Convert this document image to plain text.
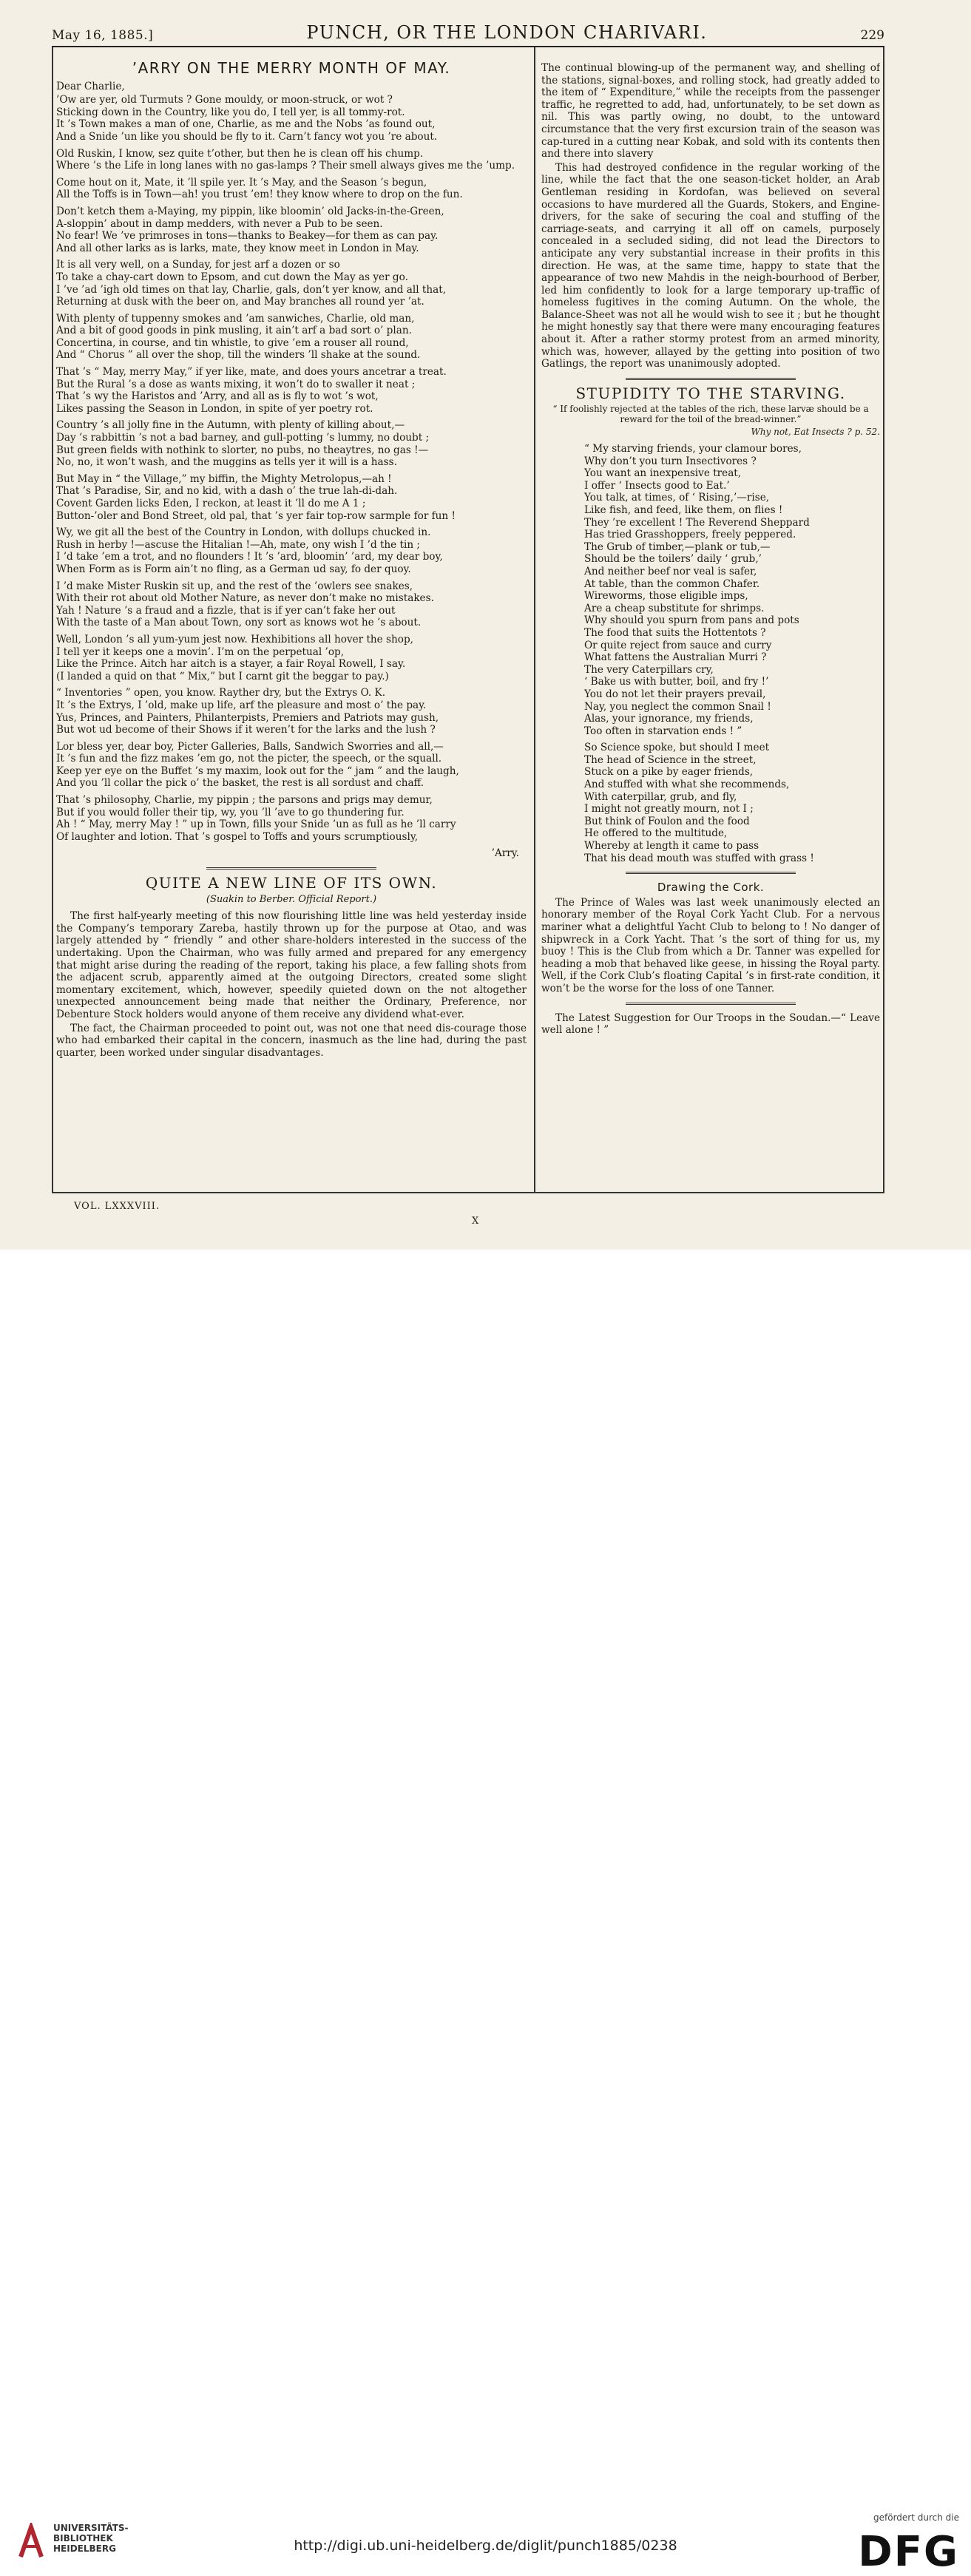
May 16, 1885.]	PUNCH, OR THE LONDON CHARIVARI.	229
’ARRY ON THE MERRY MONTH OF MAY.
Dear Charlie,
’Ow are yer, old Turmuts ? Gone mouldy, or moon-struck, or wot ?
Sticking down in the Country, like you do, I tell yer, is all tommy-rot.
It ’s Town makes a man of one, Charlie, as me and the Nobs ’as found out,
And a Snide ’un like you should be fly to it. Carn’t fancy wot you ’re about.
Old Ruskin, I know, sez quite t’other, but then he is clean off his chump.
Where ’s the Life in long lanes with no gas-lamps ? Their smell always gives me the ’ump.
Come hout on it, Mate, it ’ll spile yer. It ’s May, and the Season ’s begun,
All the Toffs is in Town—ah! you trust ’em! they know where to drop on the fun.
Don’t ketch them a-Maying, my pippin, like bloomin’ old Jacks-in-the-Green,
A-sloppin’ about in damp medders, with never a Pub to be seen.
No fear! We ’ve primroses in tons—thanks to Beakey—for them as can pay.
And all other larks as is larks, mate, they know meet in London in May.
It is all very well, on a Sunday, for jest arf a dozen or so
To take a chay-cart down to Epsom, and cut down the May as yer go.
I ’ve ’ad ’igh old times on that lay, Charlie, gals, don’t yer know, and all that,
Returning at dusk with the beer on, and May branches all round yer ’at.
With plenty of tuppenny smokes and ’am sanwiches, Charlie, old man,
And a bit of good goods in pink musling, it ain’t arf a bad sort o’ plan.
Concertina, in course, and tin whistle, to give ’em a rouser all round,
And “ Chorus ” all over the shop, till the winders ’ll shake at the sound.
That ’s “ May, merry May,” if yer like, mate, and does yours ancetrar a treat.
But the Rural ’s a dose as wants mixing, it won’t do to swaller it neat ;
That ’s wy the Haristos and ’Arry, and all as is fly to wot ’s wot,
Likes passing the Season in London, in spite of yer poetry rot.
Country ’s all jolly fine in the Autumn, with plenty of killing about,—
Day ’s rabbittin ’s not a bad barney, and gull-potting ’s lummy, no doubt ;
But green fields with nothink to slorter, no pubs, no theaytres, no gas !—
No, no, it won’t wash, and the muggins as tells yer it will is a hass.
But May in “ the Village,” my biffin, the Mighty Metrolopus,—ah !
That ’s Paradise, Sir, and no kid, with a dash o’ the true lah-di-dah.
Covent Garden licks Eden, I reckon, at least it ’ll do me A 1 ;
Button-’oler and Bond Street, old pal, that ’s yer fair top-row sarmple for fun !
Wy, we git all the best of the Country in London, with dollups chucked in.
Rush in herby !—ascuse the Hitalian !—Ah, mate, ony wish I ’d the tin ;
I ’d take ’em a trot, and no flounders ! It ’s ’ard, bloomin’ ’ard, my dear boy,
When Form as is Form ain’t no fling, as a German ud say, fo der quoy.
I ’d make Mister Ruskin sit up, and the rest of the ’owlers see snakes,
With their rot about old Mother Nature, as never don’t make no mistakes.
Yah ! Nature ’s a fraud and a fizzle, that is if yer can’t fake her out
With the taste of a Man about Town, ony sort as knows wot he ’s about.
Well, London ’s all yum-yum jest now. Hexhibitions all hover the shop,
I tell yer it keeps one a movin’. I’m on the perpetual ’op,
Like the Prince. Aitch har aitch is a stayer, a fair Royal Rowell, I say.
(I landed a quid on that “ Mix,” but I carnt git the beggar to pay.)
“ Inventories ” open, you know. Rayther dry, but the Extrys O. K.
It ’s the Extrys, I ’old, make up life, arf the pleasure and most o’ the pay.
Yus, Princes, and Painters, Philanterpists, Premiers and Patriots may gush,
But wot ud become of their Shows if it weren’t for the larks and the lush ?
Lor bless yer, dear boy, Picter Galleries, Balls, Sandwich Sworries and all,—
It ’s fun and the fizz makes ’em go, not the picter, the speech, or the squall.
Keep yer eye on the Buffet ’s my maxim, look out for the “ jam ” and the laugh,
And you ’ll collar the pick o’ the basket, the rest is all sordust and chaff.
That ’s philosophy, Charlie, my pippin ; the parsons and prigs may demur,
But if you would foller their tip, wy, you ’ll ’ave to go thundering fur.
Ah ! “ May, merry May ! ” up in Town, fills your Snide ’un as full as he ’ll carry
Of laughter and lotion. That ’s gospel to Toffs and yours scrumptiously,
’Arry.
QUITE A NEW LINE OF ITS OWN.
(Suakin to Berber. Official Report.)

The first half-yearly meeting of this now flourishing little line was held yesterday inside the Company’s temporary Zareba, hastily thrown up for the purpose at Otao, and was largely attended by “ friendly ” and other share-holders interested in the success of the undertaking. Upon the Chairman, who was fully armed and prepared for any emergency that might arise during the reading of the report, taking his place, a few falling shots from the adjacent scrub, apparently aimed at the outgoing Directors, created some slight momentary excitement, which, however, speedily quieted down on the not altogether unexpected announcement being made that neither the Ordinary, Preference, nor Debenture Stock holders would anyone of them receive any dividend what-ever.

The fact, the Chairman proceeded to point out, was not one that need dis-courage those who had embarked their capital in the concern, inasmuch as the line had, during the past quarter, been worked under singular disadvantages.

The continual blowing-up of the permanent way, and shelling of the stations, signal-boxes, and rolling stock, had greatly added to the item of “ Expenditure,” while the receipts from the passenger traffic, he regretted to add, had, unfortunately, to be set down as nil. This was partly owing, no doubt, to the untoward circumstance that the very first excursion train of the season was cap-tured in a cutting near Kobak, and sold with its contents then and there into slavery

This had destroyed confidence in the regular working of the line, while the fact that the one season-ticket holder, an Arab Gentleman residing in Kordofan, was believed on several occasions to have murdered all the Guards, Stokers, and Engine-drivers, for the sake of securing the coal and stuffing of the carriage-seats, and carrying it all off on camels, purposely concealed in a secluded siding, did not lead the Directors to anticipate any very substantial increase in their profits in this direction. He was, at the same time, happy to state that the appearance of two new Mahdis in the neigh-bourhood of Berber, led him confidently to look for a large temporary up-traffic of homeless fugitives in the coming Autumn. On the whole, the Balance-Sheet was not all he would wish to see it ; but he thought he might honestly say that there were many encouraging features about it. After a rather stormy protest from an armed minority, which was, however, allayed by the getting into position of two Gatlings, the report was unanimously adopted.

STUPIDITY TO THE STARVING.
“ If foolishly rejected at the tables of the rich, these larvæ should be a reward for the toil of the bread-winner.”
Why not, Eat Insects ? p. 52.
“ My starving friends, your clamour bores,
Why don’t you turn Insectivores ?
You want an inexpensive treat,
I offer ‘ Insects good to Eat.’
You talk, at times, of ‘ Rising,’—rise,
Like fish, and feed, like them, on flies !
They ’re excellent ! The Reverend Sheppard
Has tried Grasshoppers, freely peppered.
The Grub of timber,—plank or tub,—
Should be the toilers’ daily ‘ grub,’
And neither beef nor veal is safer,
At table, than the common Chafer.
Wireworms, those eligible imps,
Are a cheap substitute for shrimps.
Why should you spurn from pans and pots
The food that suits the Hottentots ?
Or quite reject from sauce and curry
What fattens the Australian Murri ?
The very Caterpillars cry,
‘ Bake us with butter, boil, and fry !’
You do not let their prayers prevail,
Nay, you neglect the common Snail !
Alas, your ignorance, my friends,
Too often in starvation ends ! ”
So Science spoke, but should I meet
The head of Science in the street,
Stuck on a pike by eager friends,
And stuffed with what she recommends,
With caterpillar, grub, and fly,
I might not greatly mourn, not I ;
But think of Foulon and the food
He offered to the multitude,
Whereby at length it came to pass
That his dead mouth was stuffed with grass !
Drawing the Cork.

The Prince of Wales was last week unanimously elected an honorary member of the Royal Cork Yacht Club. For a nervous mariner what a delightful Yacht Club to belong to ! No danger of shipwreck in a Cork Yacht. That ’s the sort of thing for us, my buoy ! This is the Club from which a Dr. Tanner was expelled for heading a mob that behaved like geese, in hissing the Royal party. Well, if the Cork Club’s floating Capital ’s in first-rate condition, it won’t be the worse for the loss of one Tanner.

The Latest Suggestion for Our Troops in the Soudan.—“ Leave well alone ! ”

VOL. LXXXVIII.
X
UNIVERSITÄTS-
BIBLIOTHEK
HEIDELBERG	http://digi.ub.uni-heidelberg.de/diglit/punch1885/0238
gefördert durch die
DFG
